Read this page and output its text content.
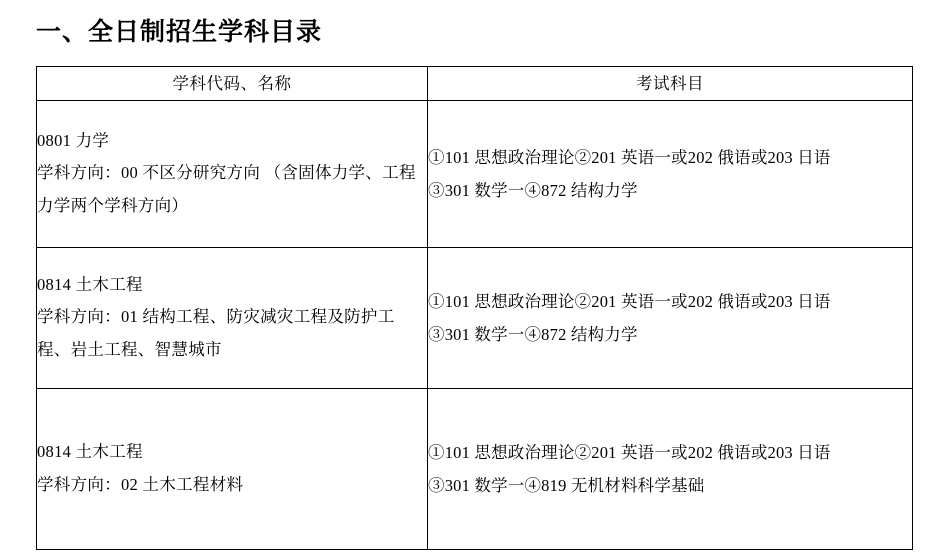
一、全日制招生学科目录
学科代码、名称	考试科目

0801 力学
学科方向：00 不区分研究方向 （含固体力学、工程力学两个学科方向）	①101 思想政治理论②201 英语一或202 俄语或203 日语
③301 数学一④872 结构力学

0814 土木工程
学科方向：01 结构工程、防灾减灾工程及防护工程、岩土工程、智慧城市	①101 思想政治理论②201 英语一或202 俄语或203 日语
③301 数学一④872 结构力学

0814 土木工程
学科方向：02 土木工程材料	①101 思想政治理论②201 英语一或202 俄语或203 日语
③301 数学一④819 无机材料科学基础
